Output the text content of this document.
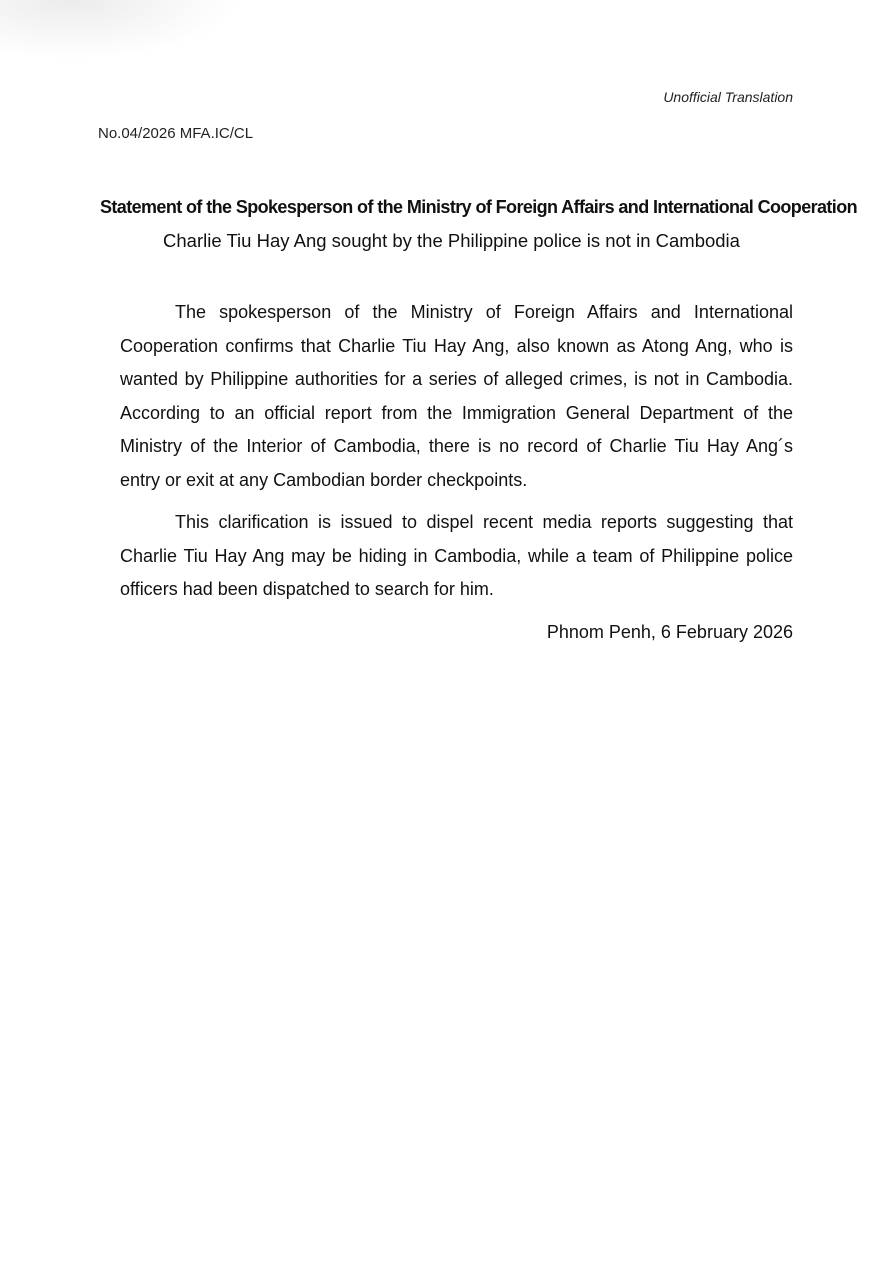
Unofficial Translation
No.04/2026 MFA.IC/CL
Statement of the Spokesperson of the Ministry of Foreign Affairs and International Cooperation
Charlie Tiu Hay Ang sought by the Philippine police is not in Cambodia

The spokesperson of the Ministry of Foreign Affairs and International Cooperation confirms that Charlie Tiu Hay Ang, also known as Atong Ang, who is wanted by Philippine authorities for a series of alleged crimes, is not in Cambodia. According to an official report from the Immigration General Department of the Ministry of the Interior of Cambodia, there is no record of Charlie Tiu Hay Ang´s entry or exit at any Cambodian border checkpoints.

This clarification is issued to dispel recent media reports suggesting that Charlie Tiu Hay Ang may be hiding in Cambodia, while a team of Philippine police officers had been dispatched to search for him.

Phnom Penh, 6 February 2026
